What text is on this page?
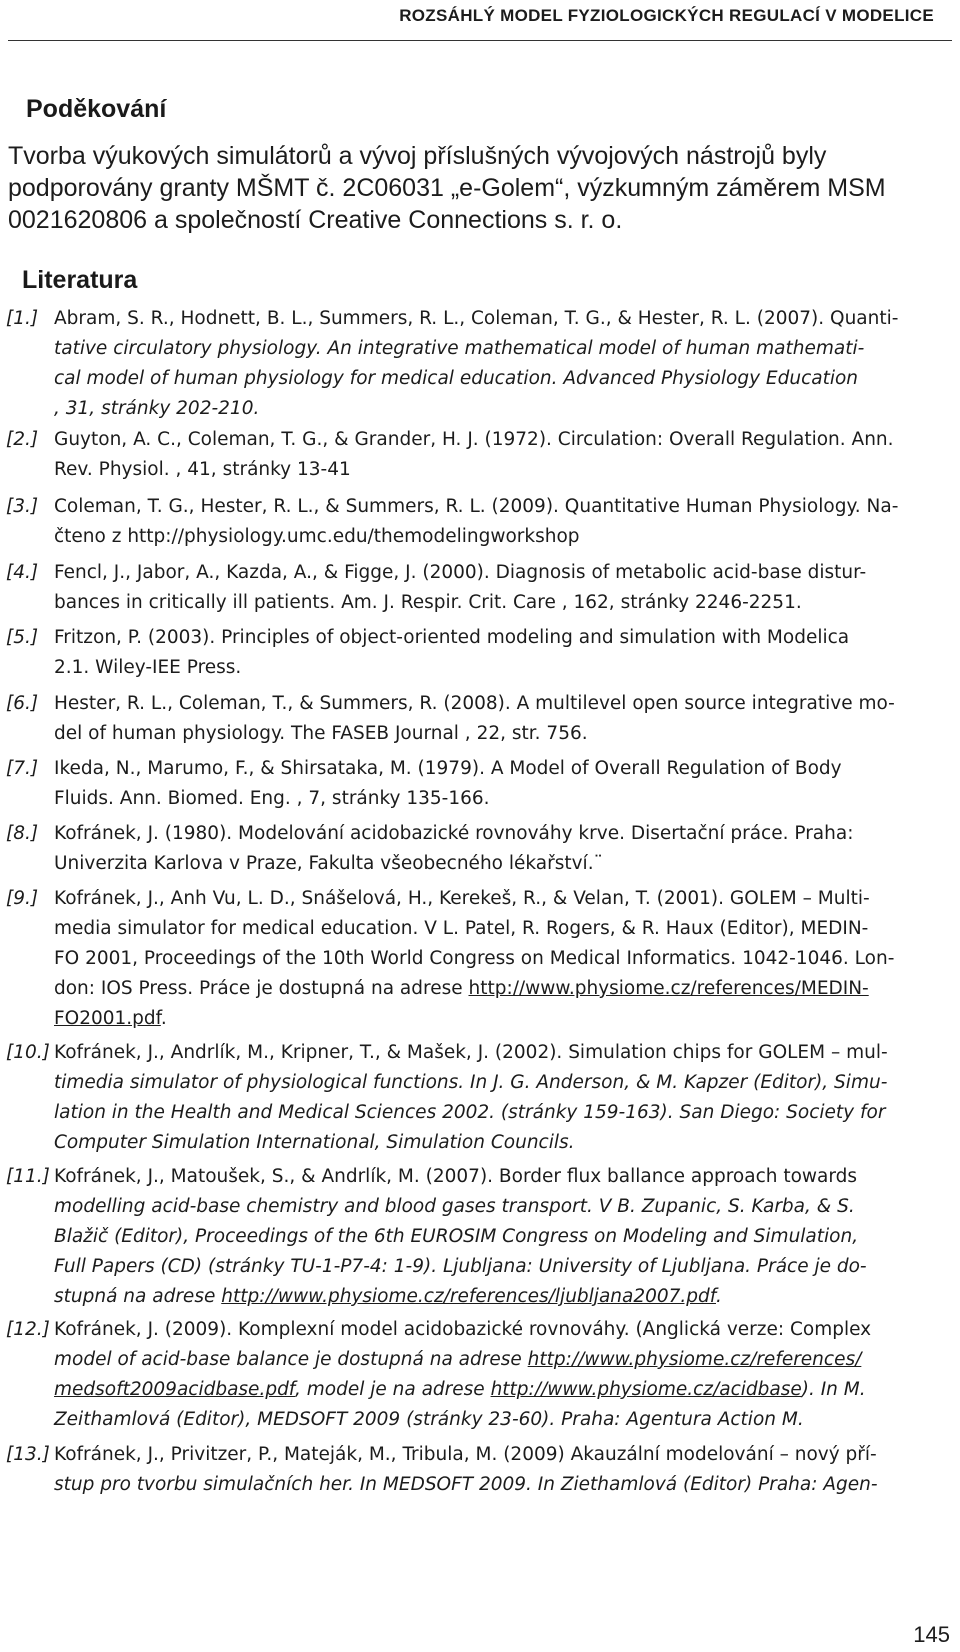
ROZSÁHLÝ MODEL FYZIOLOGICKÝCH REGULACÍ V MODELICE
Poděkování
Tvorba výukových simulátorů a vývoj příslušných vývojových nástrojů byly
podporovány granty MŠMT č. 2C06031 „e-Golem“, výzkumným záměrem MSM
0021620806 a společností Creative Connections s. r. o.
Literatura
[1.] Abram, S. R., Hodnett, B. L., Summers, R. L., Coleman, T. G., & Hester, R. L. (2007). Quanti-
tative circulatory physiology. An integrative mathematical model of human mathemati-
cal model of human physiology for medical education. Advanced Physiology Education
, 31, stránky 202-210.
[2.] Guyton, A. C., Coleman, T. G., & Grander, H. J. (1972). Circulation: Overall Regulation. Ann.
Rev. Physiol. , 41, stránky 13-41
[3.] Coleman, T. G., Hester, R. L., & Summers, R. L. (2009). Quantitative Human Physiology. Na-
čteno z http://physiology.umc.edu/themodelingworkshop
[4.] Fencl, J., Jabor, A., Kazda, A., & Figge, J. (2000). Diagnosis of metabolic acid-base distur-
bances in critically ill patients. Am. J. Respir. Crit. Care , 162, stránky 2246-2251.
[5.] Fritzon, P. (2003). Principles of object-oriented modeling and simulation with Modelica
2.1. Wiley-IEE Press.
[6.] Hester, R. L., Coleman, T., & Summers, R. (2008). A multilevel open source integrative mo-
del of human physiology. The FASEB Journal , 22, str. 756.
[7.] Ikeda, N., Marumo, F., & Shirsataka, M. (1979). A Model of Overall Regulation of Body
Fluids. Ann. Biomed. Eng. , 7, stránky 135-166.
[8.] Kofránek, J. (1980). Modelování acidobazické rovnováhy krve. Disertační práce. Praha:
Univerzita Karlova v Praze, Fakulta všeobecného lékařství.¨
[9.] Kofránek, J., Anh Vu, L. D., Snášelová, H., Kerekeš, R., & Velan, T. (2001). GOLEM – Multi-
media simulator for medical education. V L. Patel, R. Rogers, & R. Haux (Editor), MEDIN-
FO 2001, Proceedings of the 10th World Congress on Medical Informatics. 1042-1046. Lon-
don: IOS Press. Práce je dostupná na adrese http://www.physiome.cz/references/MEDIN-
FO2001.pdf.
[10.] Kofránek, J., Andrlík, M., Kripner, T., & Mašek, J. (2002). Simulation chips for GOLEM – mul-
timedia simulator of physiological functions. In J. G. Anderson, & M. Kapzer (Editor), Simu-
lation in the Health and Medical Sciences 2002. (stránky 159-163). San Diego: Society for
Computer Simulation International, Simulation Councils.
[11.] Kofránek, J., Matoušek, S., & Andrlík, M. (2007). Border flux ballance approach towards
modelling acid-base chemistry and blood gases transport. V B. Zupanic, S. Karba, & S.
Blažič (Editor), Proceedings of the 6th EUROSIM Congress on Modeling and Simulation,
Full Papers (CD) (stránky TU-1-P7-4: 1-9). Ljubljana: University of Ljubljana. Práce je do-
stupná na adrese http://www.physiome.cz/references/ljubljana2007.pdf.
[12.] Kofránek, J. (2009). Komplexní model acidobazické rovnováhy. (Anglická verze: Complex
model of acid-base balance je dostupná na adrese http://www.physiome.cz/references/
medsoft2009acidbase.pdf, model je na adrese http://www.physiome.cz/acidbase). In M.
Zeithamlová (Editor), MEDSOFT 2009 (stránky 23-60). Praha: Agentura Action M.
[13.] Kofránek, J., Privitzer, P., Mateják, M., Tribula, M. (2009) Akauzální modelování – nový pří-
stup pro tvorbu simulačních her. In MEDSOFT 2009. In Ziethamlová (Editor) Praha: Agen-
145
